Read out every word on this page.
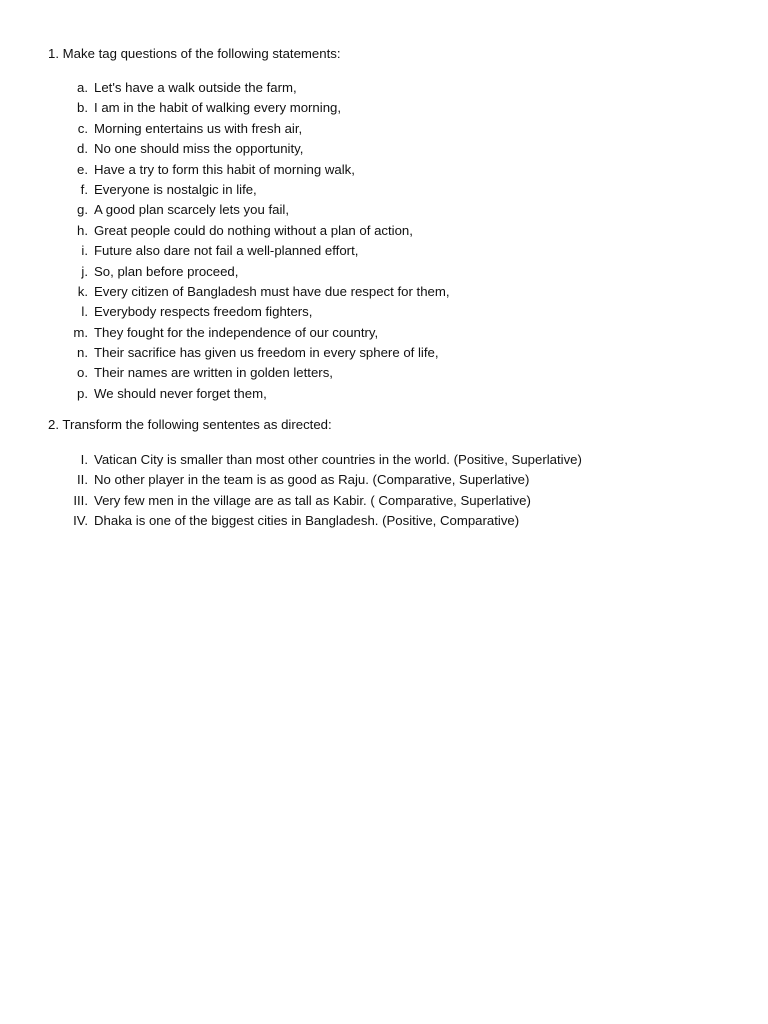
1. Make tag questions of the following statements:
a. Let's have a walk outside the farm,
b. I am in the habit of walking every morning,
c. Morning entertains us with fresh air,
d. No one should miss the opportunity,
e. Have a try to form this habit of morning walk,
f. Everyone is nostalgic in life,
g. A good plan scarcely lets you fail,
h. Great people could do nothing without a plan of action,
i. Future also dare not fail a well-planned effort,
j. So, plan before proceed,
k. Every citizen of Bangladesh must have due respect for them,
l. Everybody respects freedom fighters,
m. They fought for the independence of our country,
n. Their sacrifice has given us freedom in every sphere of life,
o. Their names are written in golden letters,
p. We should never forget them,
2. Transform the following sententes as directed:
I. Vatican City is smaller than most other countries in the world. (Positive, Superlative)
II. No other player in the team is as good as Raju. (Comparative, Superlative)
III. Very few men in the village are as tall as Kabir. ( Comparative, Superlative)
IV. Dhaka is one of the biggest cities in Bangladesh. (Positive, Comparative)
